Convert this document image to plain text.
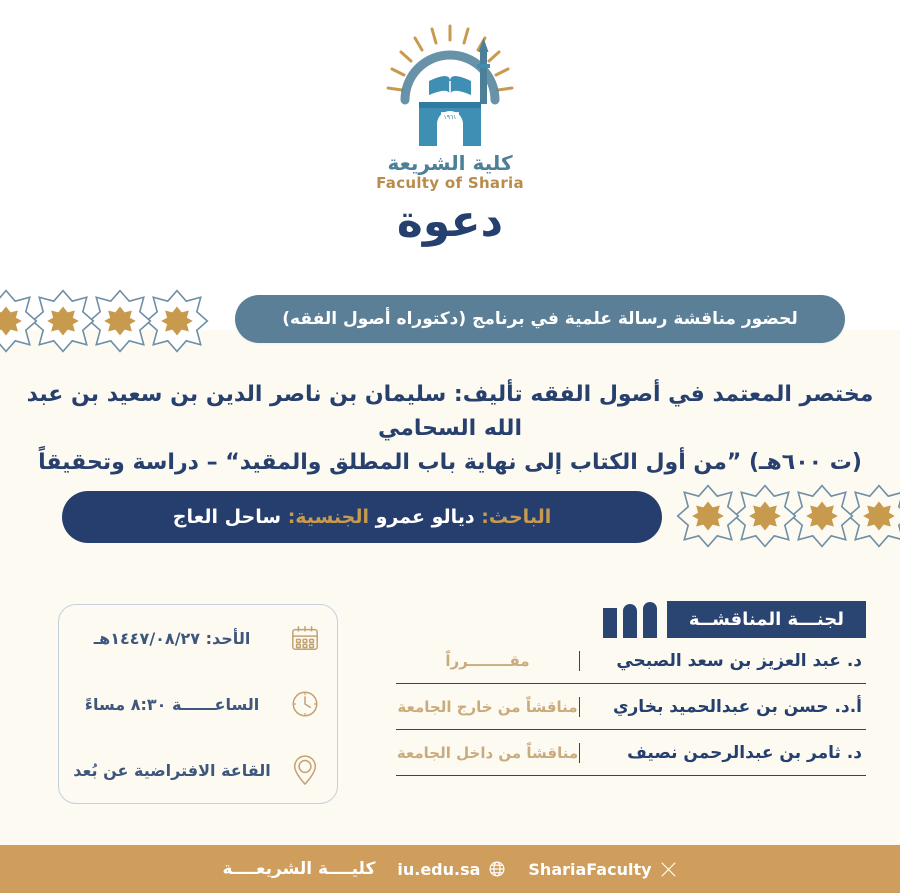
١٩٦١
كلية الشريعة
Faculty of Sharia
دعوة
لحضور مناقشة رسالة علمية في برنامج (دكتوراه أصول الفقه)
مختصر المعتمد في أصول الفقه تأليف: سليمان بن ناصر الدين بن سعيد بن عبد الله السحامي
(ت ٦٠٠هـ) ”من أول الكتاب إلى نهاية باب المطلق والمقيد“ – دراسة وتحقيقاً
الباحث:

ديالو عمرو

الجنسية:

ساحل العاج
لجنـــة المناقشــة
د. عبد العزيز بن سعد الصبحي
مقــــــــرراً
أ.د. حسن بن عبدالحميد بخاري
مناقشاً من خارج الجامعة
د. ثامر بن عبدالرحمن نصيف
مناقشاً من داخل الجامعة
الأحد: ١٤٤٧/٠٨/٢٧هـ
الساعــــــة ٨:٣٠ مساءً
القاعة الافتراضية عن بُعد
ShariaFaculty
iu.edu.sa
كليــــة الشريعــــة
